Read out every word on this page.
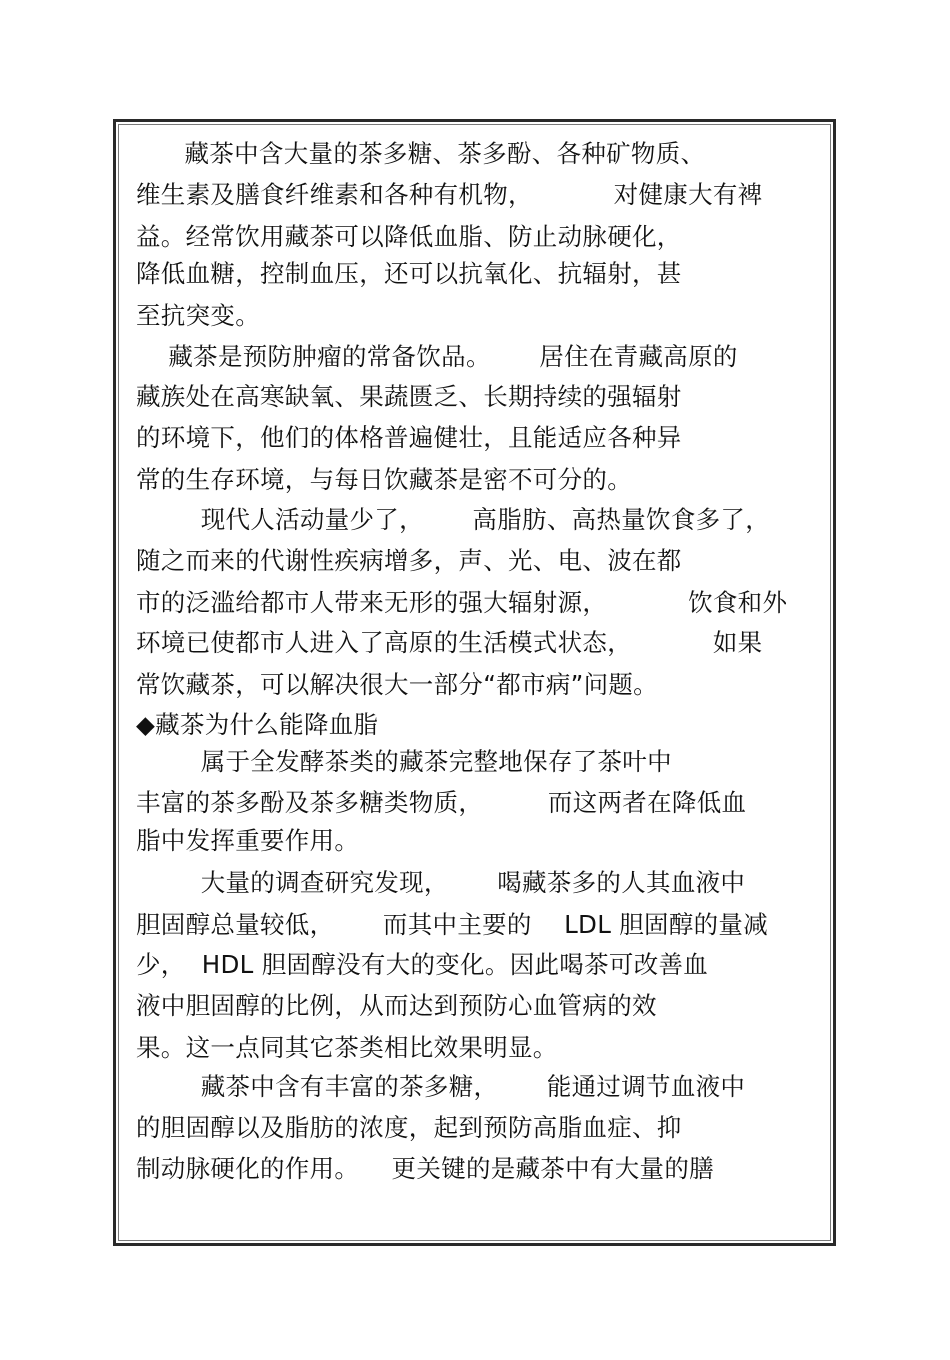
藏茶中含大量的茶多糖、茶多酚、各种矿物质、
维生素及膳食纤维素和各种有机物，          对健康大有裨
益。经常饮用藏茶可以降低血脂、防止动脉硬化，
降低血糖，控制血压，还可以抗氧化、抗辐射，甚
至抗突变。
藏茶是预防肿瘤的常备饮品。      居住在青藏高原的
藏族处在高寒缺氧、果蔬匮乏、长期持续的强辐射
的环境下，他们的体格普遍健壮，且能适应各种异
常的生存环境，与每日饮藏茶是密不可分的。
现代人活动量少了，      高脂肪、高热量饮食多了，
随之而来的代谢性疾病增多，声、光、电、波在都
市的泛滥给都市人带来无形的强大辐射源，          饮食和外
环境已使都市人进入了高原的生活模式状态，          如果
常饮藏茶，可以解决很大一部分“都市病”问题。
◆藏茶为什么能降血脂
属于全发酵茶类的藏茶完整地保存了茶叶中
丰富的茶多酚及茶多糖类物质，        而这两者在降低血
脂中发挥重要作用。
大量的调查研究发现，      喝藏茶多的人其血液中
胆固醇总量较低，      而其中主要的    LDL 胆固醇的量减
少，  HDL 胆固醇没有大的变化。因此喝茶可改善血
液中胆固醇的比例，从而达到预防心血管病的效
果。这一点同其它茶类相比效果明显。
藏茶中含有丰富的茶多糖，      能通过调节血液中
的胆固醇以及脂肪的浓度，起到预防高脂血症、抑
制动脉硬化的作用。    更关键的是藏茶中有大量的膳
